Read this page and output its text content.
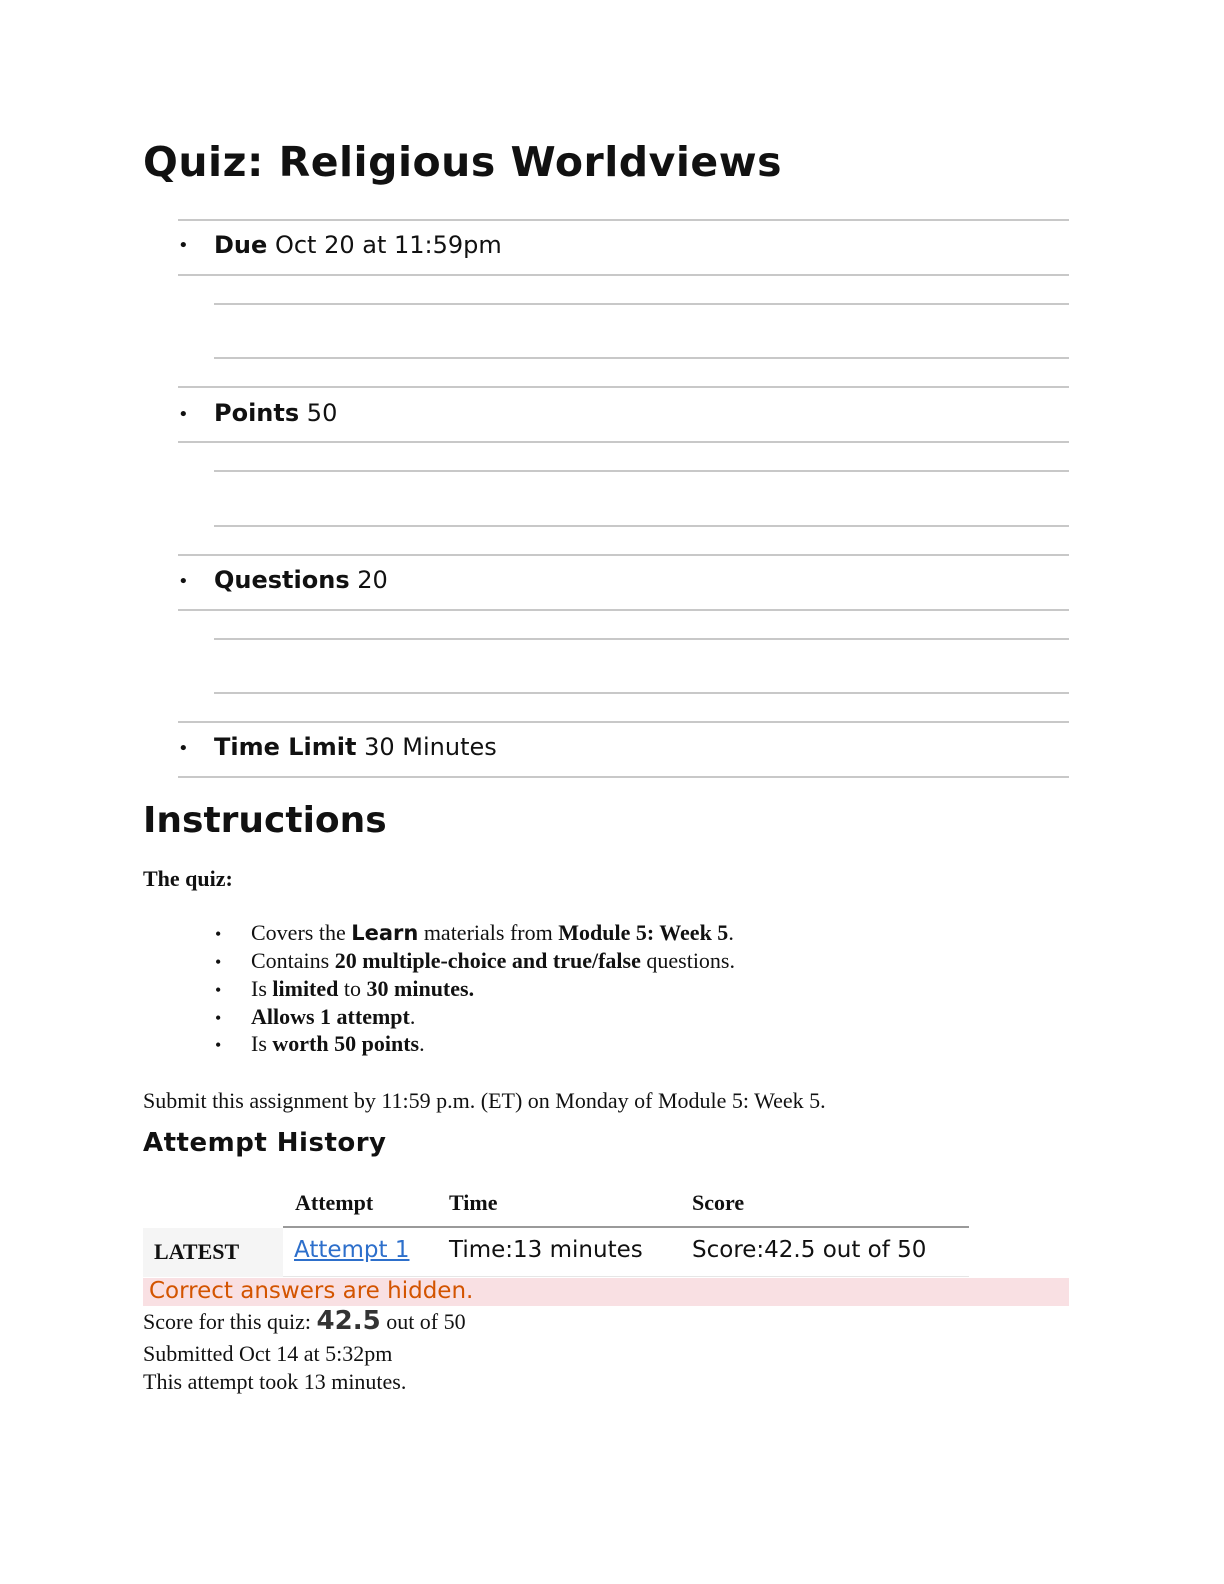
Quiz: Religious Worldviews
• Due Oct 20 at 11:59pm
• Points 50
• Questions 20
• Time Limit 30 Minutes
Instructions
The quiz:
• Covers the Learn materials from Module 5: Week 5.
• Contains 20 multiple-choice and true/false questions.
• Is limited to 30 minutes.
• Allows 1 attempt.
• Is worth 50 points.
Submit this assignment by 11:59 p.m. (ET) on Monday of Module 5: Week 5.
Attempt History
Attempt	Time	Score
LATEST Attempt 1 Time:13 minutes Score:42.5 out of 50
Correct answers are hidden.
Score for this quiz: 42.5 out of 50
Submitted Oct 14 at 5:32pm
This attempt took 13 minutes.
